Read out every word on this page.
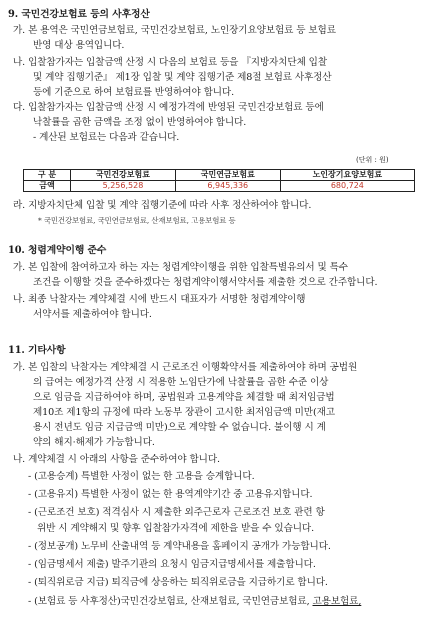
9. 국민건강보험료 등의 사후정산
가. 본 용역은 국민연금보험료, 국민건강보험료, 노인장기요양보험료 등 보험료
반영 대상 용역입니다.
나. 입찰참가자는 입찰금액 산정 시 다음의 보험료 등을 『지방자치단체 입찰
및 계약 집행기준』 제1장 입찰 및 계약 집행기준 제8절 보험료 사후정산
등에 기준으로 하여 보험료를 반영하여야 합니다.
다. 입찰참가자는 입찰금액 산정 시 예정가격에 반영된 국민건강보험료 등에
낙찰률을 곱한 금액을 조정 없이 반영하여야 합니다.
- 계산된 보험료는 다음과 같습니다.
(단위 : 원)
구 분	국민건강보험료	국민연금보험료	노인장기요양보험료
금액	5,256,528	6,945,336	680,724
라. 지방자치단체 입찰 및 계약 집행기준에 따라 사후 정산하여야 합니다.
* 국민건강보험료, 국민연금보험료, 산재보험료, 고용보험료 등
10. 청렴계약이행 준수
가. 본 입찰에 참여하고자 하는 자는 청렴계약이행을 위한 입찰특별유의서 및 특수
조건을 이행할 것을 준수하겠다는 청렴계약이행서약서를 제출한 것으로 간주합니다.
나. 최종 낙찰자는 계약체결 시에 반드시 대표자가 서명한 청렴계약이행
서약서를 제출하여야 합니다.
11. 기타사항
가. 본 입찰의 낙찰자는 계약체결 시 근로조건 이행확약서를 제출하여야 하며 공법원
의 급여는 예정가격 산정 시 적용한 노임단가에 낙찰률을 곱한 수준 이상
으로 임금을 지급하여야 하며, 공법원과 고용계약을 체결할 때 최저임금법
제10조 제1항의 규정에 따라 노동부 장관이 고시한 최저임금액 미만(재고
용시 전년도 임금 지급금액 미만)으로 계약할 수 없습니다. 불이행 시 계
약의 해지·해제가 가능합니다.
나. 계약체결 시 아래의 사항을 준수하여야 합니다.
- (고용승계) 특별한 사정이 없는 한 고용을 승계합니다.
- (고용유지) 특별한 사정이 없는 한 용역계약기간 중 고용유지합니다.
- (근로조건 보호) 적격심사 시 제출한 외주근로자 근로조건 보호 관련 항
위반 시 계약해지 및 향후 입찰참가자격에 제한을 받을 수 있습니다.
- (정보공개) 노무비 산출내역 등 계약내용을 홈페이지 공개가 가능합니다.
- (임금명세서 제출) 발주기관의 요청시 임금지급명세서를 제출합니다.
- (퇴직위로금 지급) 퇴직금에 상응하는 퇴직위로금을 지급하기로 합니다.
- (보험료 등 사후정산)국민건강보험료, 산재보험료, 국민연금보험료, 고용보험료,
